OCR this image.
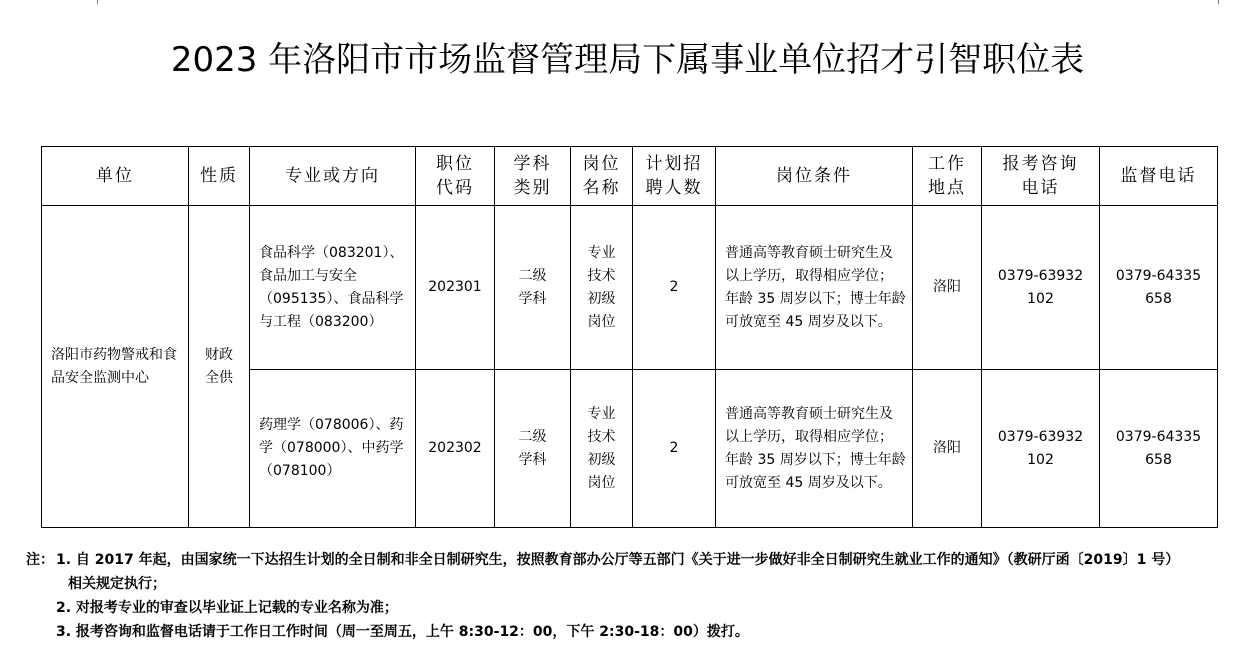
2023 年洛阳市市场监督管理局下属事业单位招才引智职位表
单位	性质	专业或方向	职位代码	学科类别	岗位名称	计划招聘人数	岗位条件	工作地点	报考咨询电话	监督电话
洛阳市药物警戒和食品安全监测中心	财政全供	食品科学（083201）、食品加工与安全（095135）、食品科学与工程（083200）	202301	二级学科	专业技术初级岗位	2	普通高等教育硕士研究生及以上学历，取得相应学位；年龄 35 周岁以下；博士年龄可放宽至 45 周岁及以下。	洛阳	0379-63932102	0379-64335658
		药理学（078006）、药学（078000）、中药学（078100）	202302	二级学科	专业技术初级岗位	2	普通高等教育硕士研究生及以上学历，取得相应学位；年龄 35 周岁以下；博士年龄可放宽至 45 周岁及以下。	洛阳	0379-63932102	0379-64335658
注： 1. 自 2017 年起，由国家统一下达招生计划的全日制和非全日制研究生，按照教育部办公厅等五部门《关于进一步做好非全日制研究生就业工作的通知》（教研厅函〔2019〕1 号）
相关规定执行；
2. 对报考专业的审查以毕业证上记载的专业名称为准；
3. 报考咨询和监督电话请于工作日工作时间（周一至周五，上午 8:30-12：00，下午 2:30-18：00）拨打。
